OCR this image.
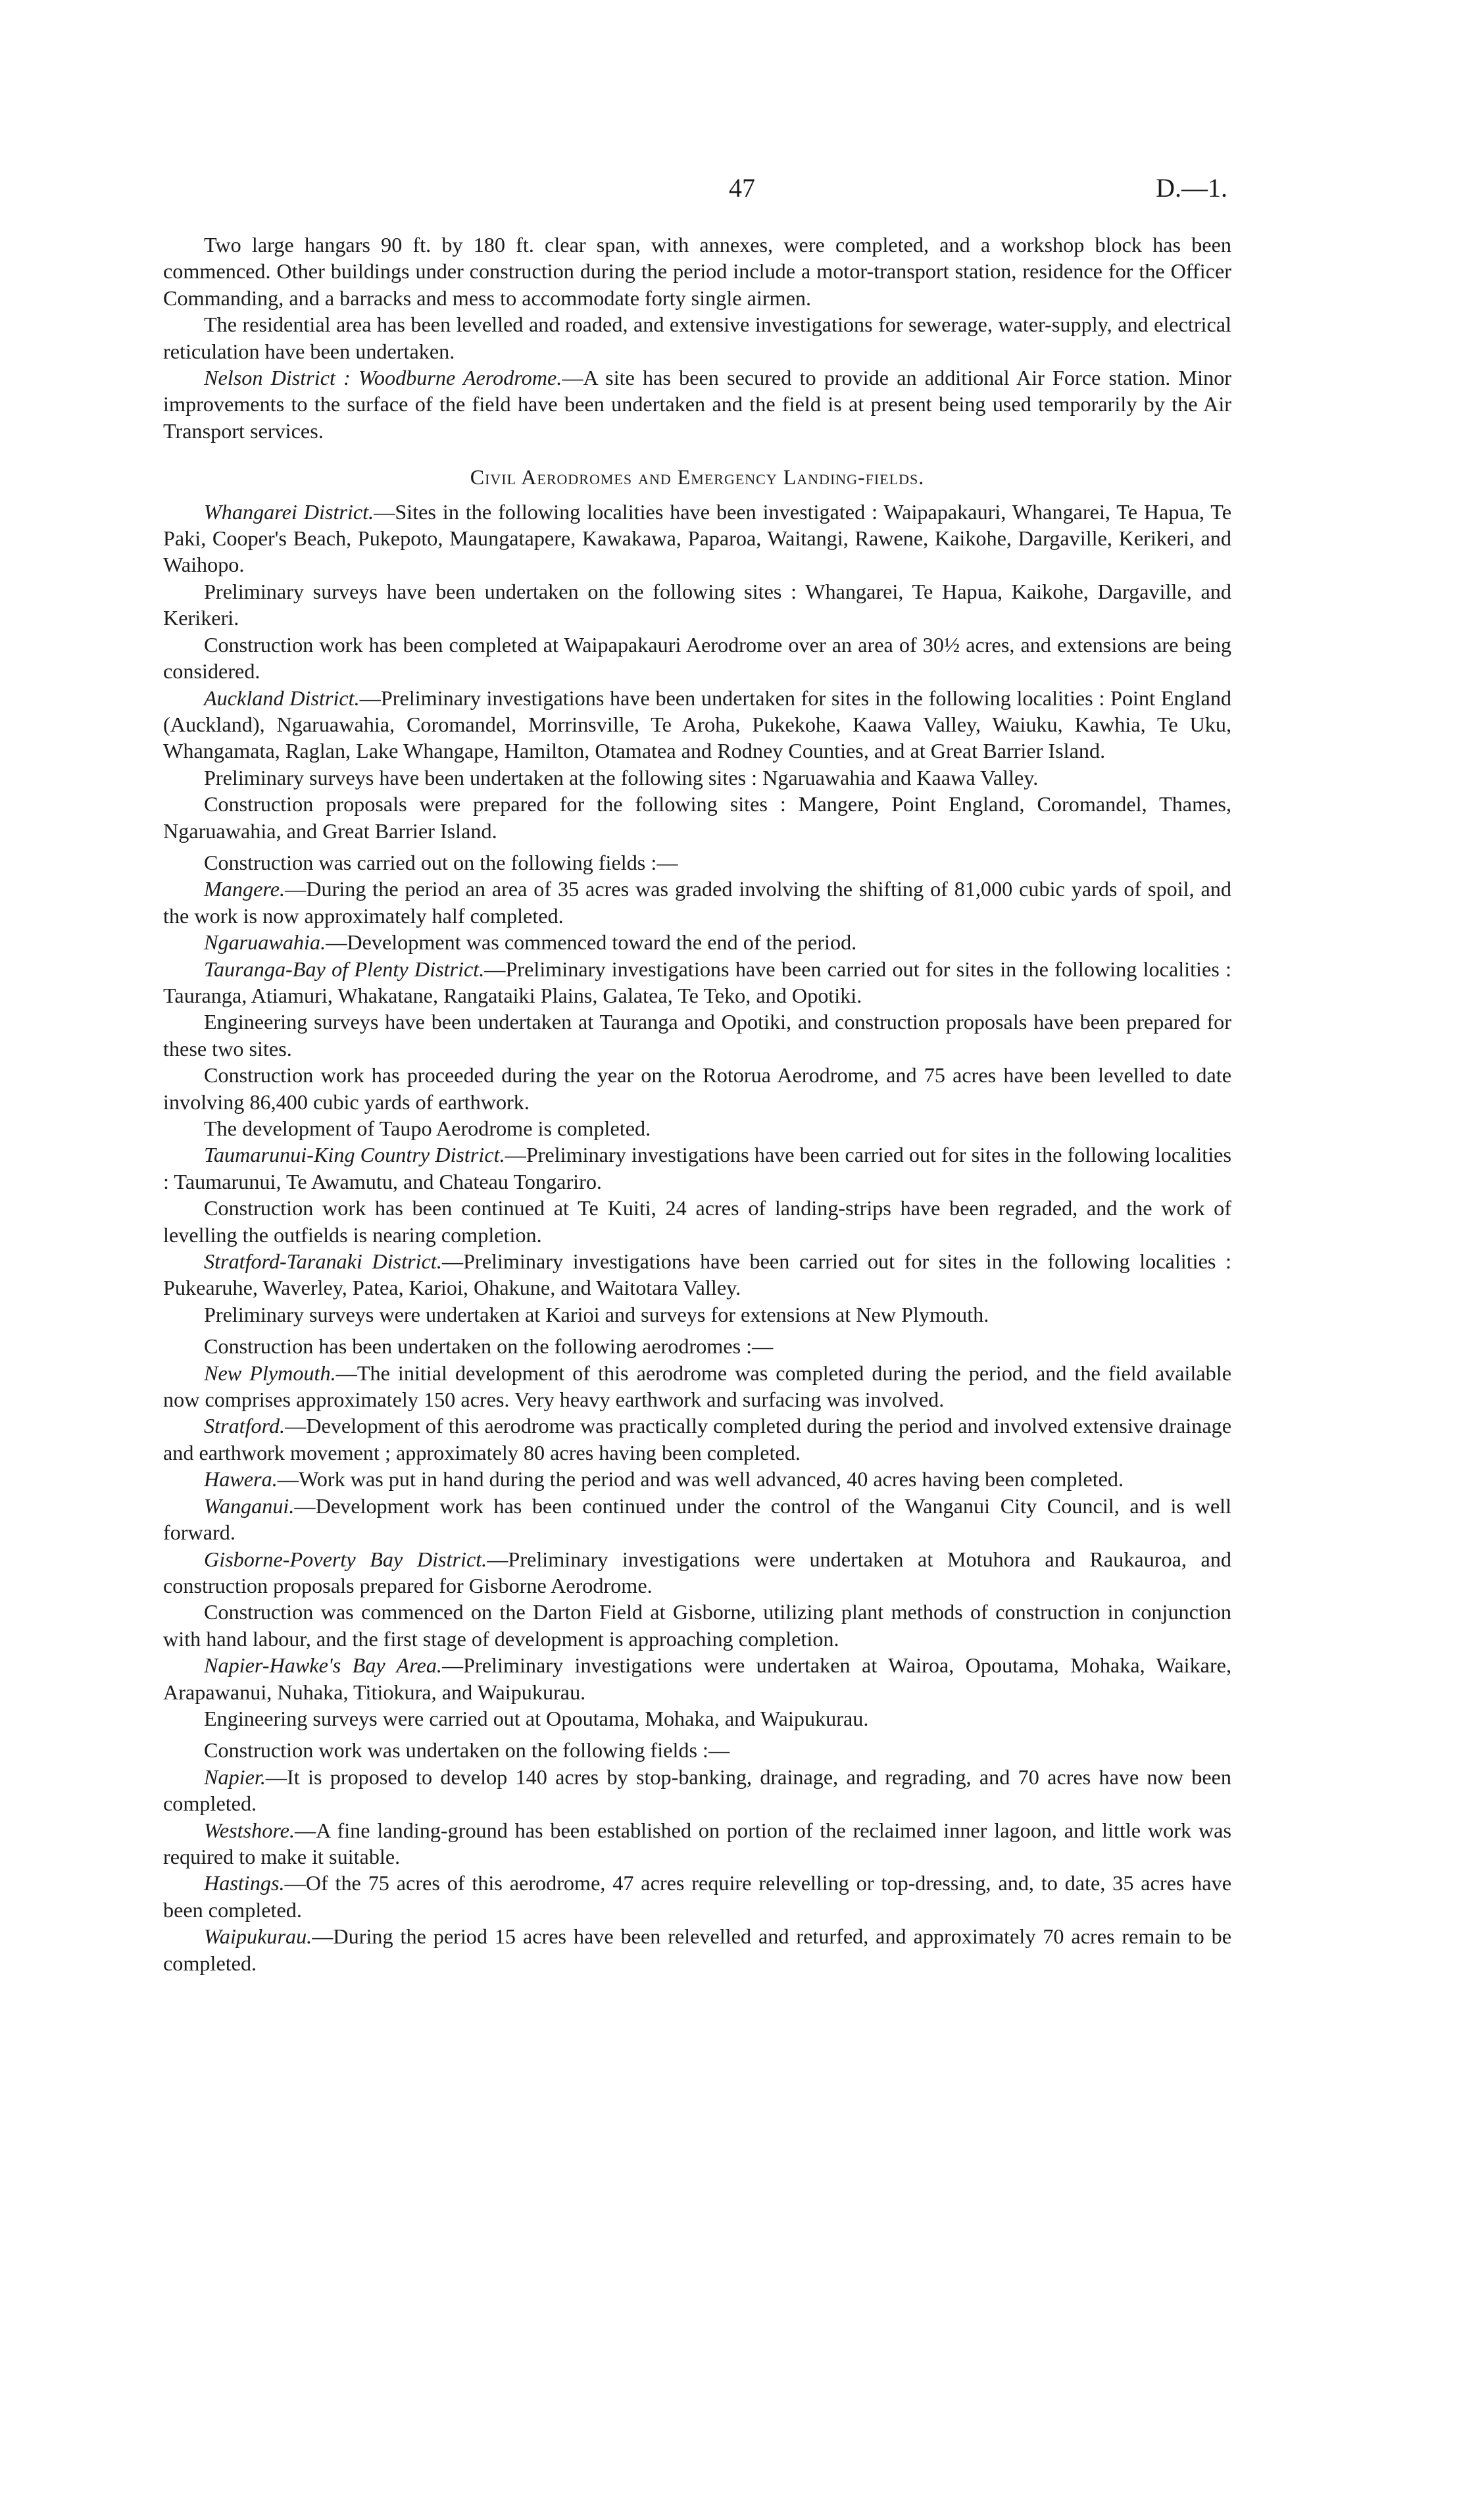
47	D.—1.

Two large hangars 90 ft. by 180 ft. clear span, with annexes, were completed, and a workshop block has been commenced. Other buildings under construction during the period include a motor-transport station, residence for the Officer Commanding, and a barracks and mess to accommodate forty single airmen.

The residential area has been levelled and roaded, and extensive investigations for sewerage, water-supply, and electrical reticulation have been undertaken.

Nelson District : Woodburne Aerodrome.—A site has been secured to provide an additional Air Force station. Minor improvements to the surface of the field have been undertaken and the field is at present being used temporarily by the Air Transport services.

Civil Aerodromes and Emergency Landing-fields.

Whangarei District.—Sites in the following localities have been investigated : Waipapakauri, Whangarei, Te Hapua, Te Paki, Cooper's Beach, Pukepoto, Maungatapere, Kawakawa, Paparoa, Waitangi, Rawene, Kaikohe, Dargaville, Kerikeri, and Waihopo.

Preliminary surveys have been undertaken on the following sites : Whangarei, Te Hapua, Kaikohe, Dargaville, and Kerikeri.

Construction work has been completed at Waipapakauri Aerodrome over an area of 30½ acres, and extensions are being considered.

Auckland District.—Preliminary investigations have been undertaken for sites in the following localities : Point England (Auckland), Ngaruawahia, Coromandel, Morrinsville, Te Aroha, Pukekohe, Kaawa Valley, Waiuku, Kawhia, Te Uku, Whangamata, Raglan, Lake Whangape, Hamilton, Otamatea and Rodney Counties, and at Great Barrier Island.

Preliminary surveys have been undertaken at the following sites : Ngaruawahia and Kaawa Valley.

Construction proposals were prepared for the following sites : Mangere, Point England, Coromandel, Thames, Ngaruawahia, and Great Barrier Island.

Construction was carried out on the following fields :—

Mangere.—During the period an area of 35 acres was graded involving the shifting of 81,000 cubic yards of spoil, and the work is now approximately half completed.

Ngaruawahia.—Development was commenced toward the end of the period.

Tauranga-Bay of Plenty District.—Preliminary investigations have been carried out for sites in the following localities : Tauranga, Atiamuri, Whakatane, Rangataiki Plains, Galatea, Te Teko, and Opotiki.

Engineering surveys have been undertaken at Tauranga and Opotiki, and construction proposals have been prepared for these two sites.

Construction work has proceeded during the year on the Rotorua Aerodrome, and 75 acres have been levelled to date involving 86,400 cubic yards of earthwork.

The development of Taupo Aerodrome is completed.

Taumarunui-King Country District.—Preliminary investigations have been carried out for sites in the following localities : Taumarunui, Te Awamutu, and Chateau Tongariro.

Construction work has been continued at Te Kuiti, 24 acres of landing-strips have been regraded, and the work of levelling the outfields is nearing completion.

Stratford-Taranaki District.—Preliminary investigations have been carried out for sites in the following localities : Pukearuhe, Waverley, Patea, Karioi, Ohakune, and Waitotara Valley.

Preliminary surveys were undertaken at Karioi and surveys for extensions at New Plymouth.

Construction has been undertaken on the following aerodromes :—

New Plymouth.—The initial development of this aerodrome was completed during the period, and the field available now comprises approximately 150 acres. Very heavy earthwork and surfacing was involved.

Stratford.—Development of this aerodrome was practically completed during the period and involved extensive drainage and earthwork movement ; approximately 80 acres having been completed.

Hawera.—Work was put in hand during the period and was well advanced, 40 acres having been completed.

Wanganui.—Development work has been continued under the control of the Wanganui City Council, and is well forward.

Gisborne-Poverty Bay District.—Preliminary investigations were undertaken at Motuhora and Raukauroa, and construction proposals prepared for Gisborne Aerodrome.

Construction was commenced on the Darton Field at Gisborne, utilizing plant methods of construction in conjunction with hand labour, and the first stage of development is approaching completion.

Napier-Hawke's Bay Area.—Preliminary investigations were undertaken at Wairoa, Opoutama, Mohaka, Waikare, Arapawanui, Nuhaka, Titiokura, and Waipukurau.

Engineering surveys were carried out at Opoutama, Mohaka, and Waipukurau.

Construction work was undertaken on the following fields :—

Napier.—It is proposed to develop 140 acres by stop-banking, drainage, and regrading, and 70 acres have now been completed.

Westshore.—A fine landing-ground has been established on portion of the reclaimed inner lagoon, and little work was required to make it suitable.

Hastings.—Of the 75 acres of this aerodrome, 47 acres require relevelling or top-dressing, and, to date, 35 acres have been completed.

Waipukurau.—During the period 15 acres have been relevelled and returfed, and approximately 70 acres remain to be completed.
